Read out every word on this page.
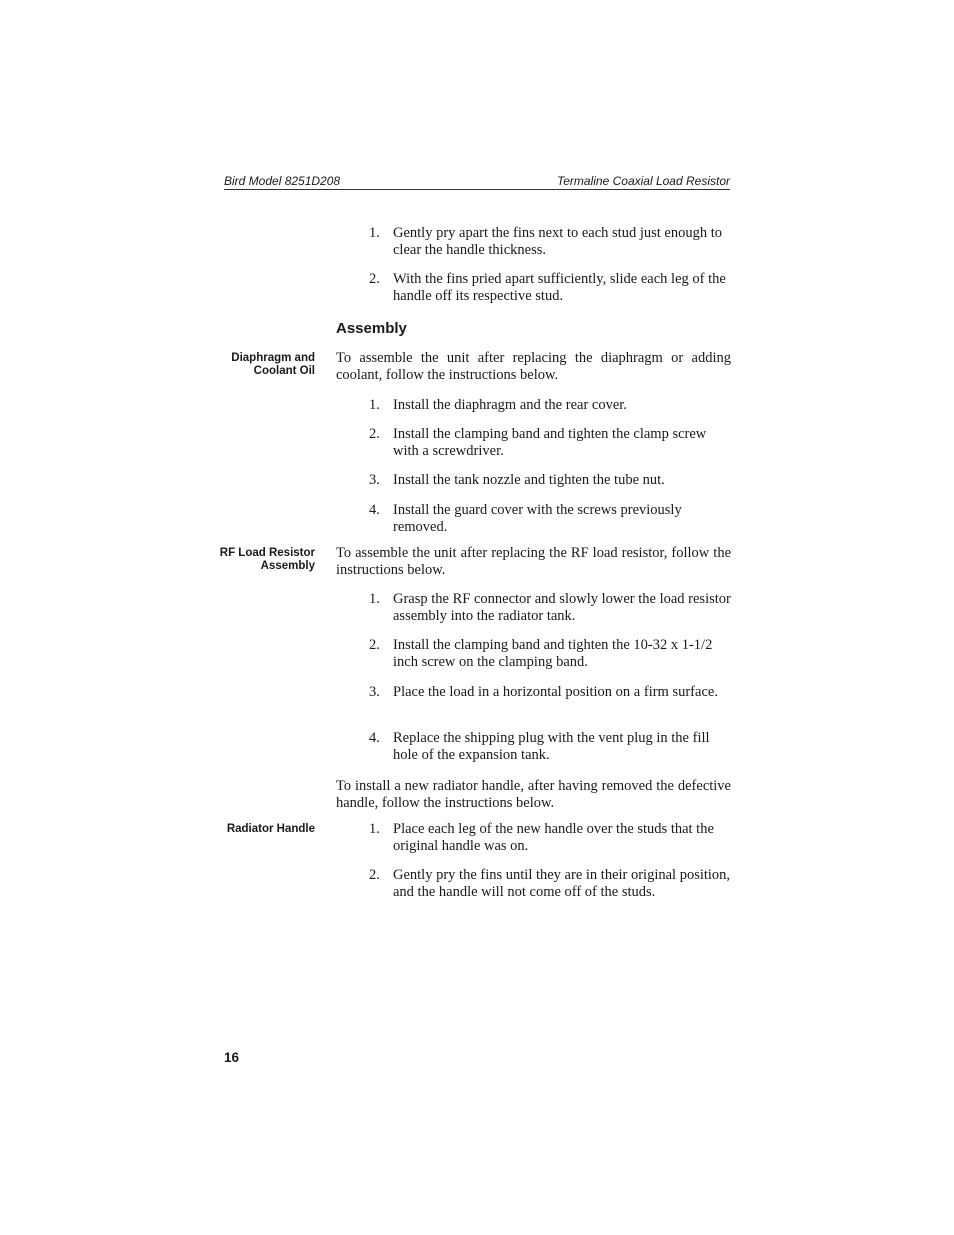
Bird Model 8251D208	Termaline Coaxial Load Resistor
1. Gently pry apart the fins next to each stud just enough to clear the handle thickness.
2. With the fins pried apart sufficiently, slide each leg of the handle off its respective stud.
Assembly
Diaphragm and Coolant Oil
To assemble the unit after replacing the diaphragm or adding coolant, follow the instructions below.
1. Install the diaphragm and the rear cover.
2. Install the clamping band and tighten the clamp screw with a screwdriver.
3. Install the tank nozzle and tighten the tube nut.
4. Install the guard cover with the screws previously removed.
RF Load Resistor Assembly
To assemble the unit after replacing the RF load resistor, follow the instructions below.
1. Grasp the RF connector and slowly lower the load resistor assembly into the radiator tank.
2. Install the clamping band and tighten the 10-32 x 1-1/2 inch screw on the clamping band.
3. Place the load in a horizontal position on a firm surface.
4. Replace the shipping plug with the vent plug in the fill hole of the expansion tank.
To install a new radiator handle, after having removed the defective handle, follow the instructions below.
Radiator Handle	1. Place each leg of the new handle over the studs that the original handle was on.
2. Gently pry the fins until they are in their original position, and the handle will not come off of the studs.
16
